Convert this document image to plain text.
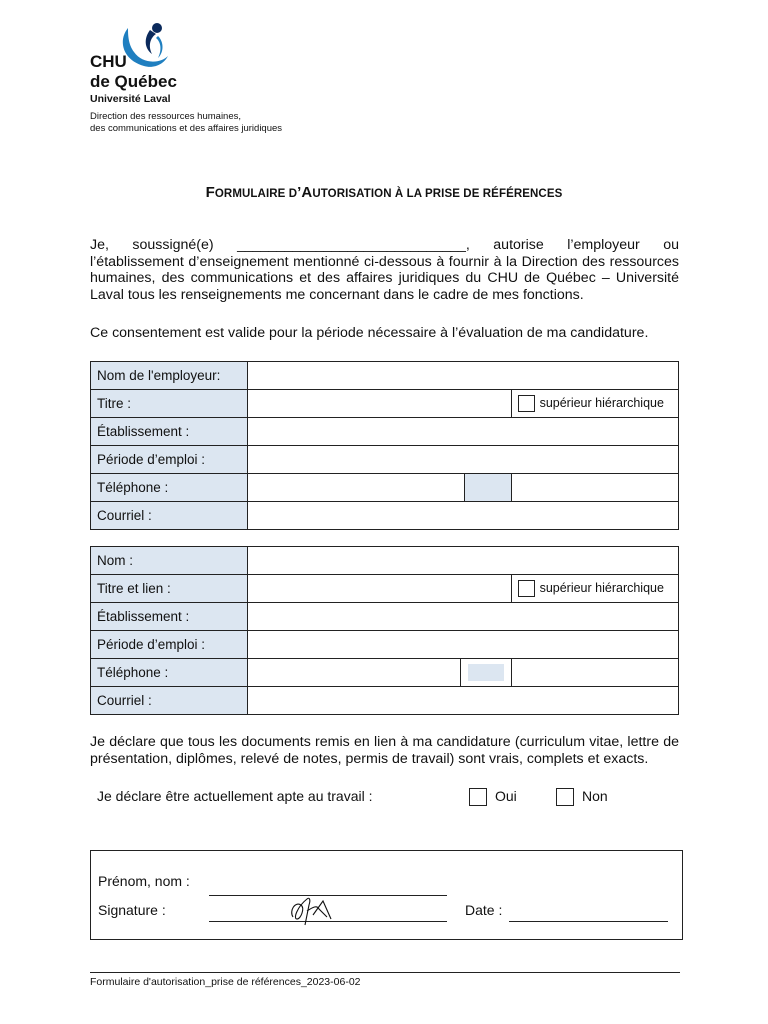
CHU
de Québec
Université Laval
Direction des ressources humaines,
des communications et des affaires juridiques
FORMULAIRE D’AUTORISATION À LA PRISE DE RÉFÉRENCES
Je, soussigné(e) _____________________________, autorise l’employeur ou l’établissement d’enseignement mentionné ci-dessous à fournir à la Direction des ressources humaines, des communications et des affaires juridiques du CHU de Québec – Université Laval tous les renseignements me concernant dans le cadre de mes fonctions.
Ce consentement est valide pour la période nécessaire à l’évaluation de ma candidature.
Nom de l'employeur:			
Titre :			supérieur hiérarchique
Établissement :			
Période d’emploi :			
Téléphone :			
Courriel :			
Nom :			
Titre et lien :			supérieur hiérarchique
Établissement :			
Période d’emploi :			
Téléphone :			
Courriel :			
Je déclare que tous les documents remis en lien à ma candidature (curriculum vitae, lettre de présentation, diplômes, relevé de notes, permis de travail) sont vrais, complets et exacts.
Je déclare être actuellement apte au travail :	Oui	Non
Prénom, nom :
Signature :	Date :
Formulaire d'autorisation_prise de références_2023-06-02
